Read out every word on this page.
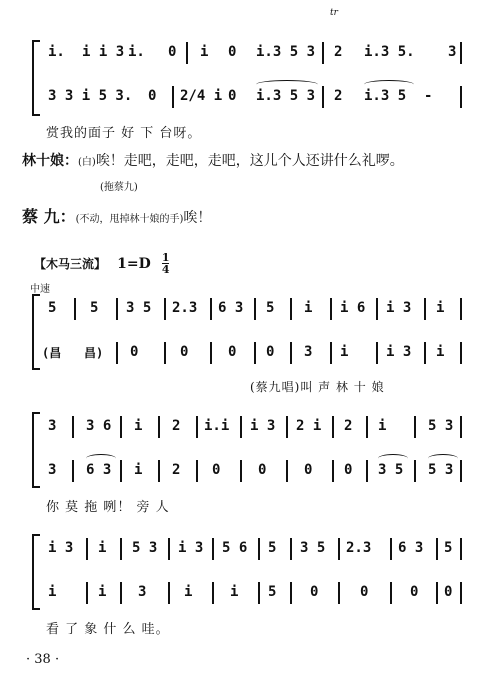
tr
i. i i 3 i. 0 i 0 i.3 5 3 2 i.3 5. 3
3 3 i 5 3. 0 2/4 i 0 i.3 5 3 2 i.3 5 -
赏我的面子 好 下 台呀。
林十娘：(白)唉！走吧，走吧，走吧，这儿个人还讲什么礼啰。
(拖蔡九)
蔡 九：(不动，甩掉林十娘的手)唉！
【木马三流】 $1=D \frac{1}{4}$
中速
5 5 3 5 2.3 6 3 5 i i 6 i 3 i
(昌 昌) 0	0	0 0 3 i	i 3 i
(蔡九唱)叫 声 林 十 娘
3 3 6 i 2 i.i i 3 2 i 2 i	5 3
3 6 3 i 2 0	0	0 0 3 5 5 3
你 莫 拖 咧！ 旁 人
i 3 i 5 3 i 3 5 6 5 3 5 2.3 6 3 5
i	i 3	i	i 5 0	0	0 0
看 了 象 什 么 哇。
· 38 ·
